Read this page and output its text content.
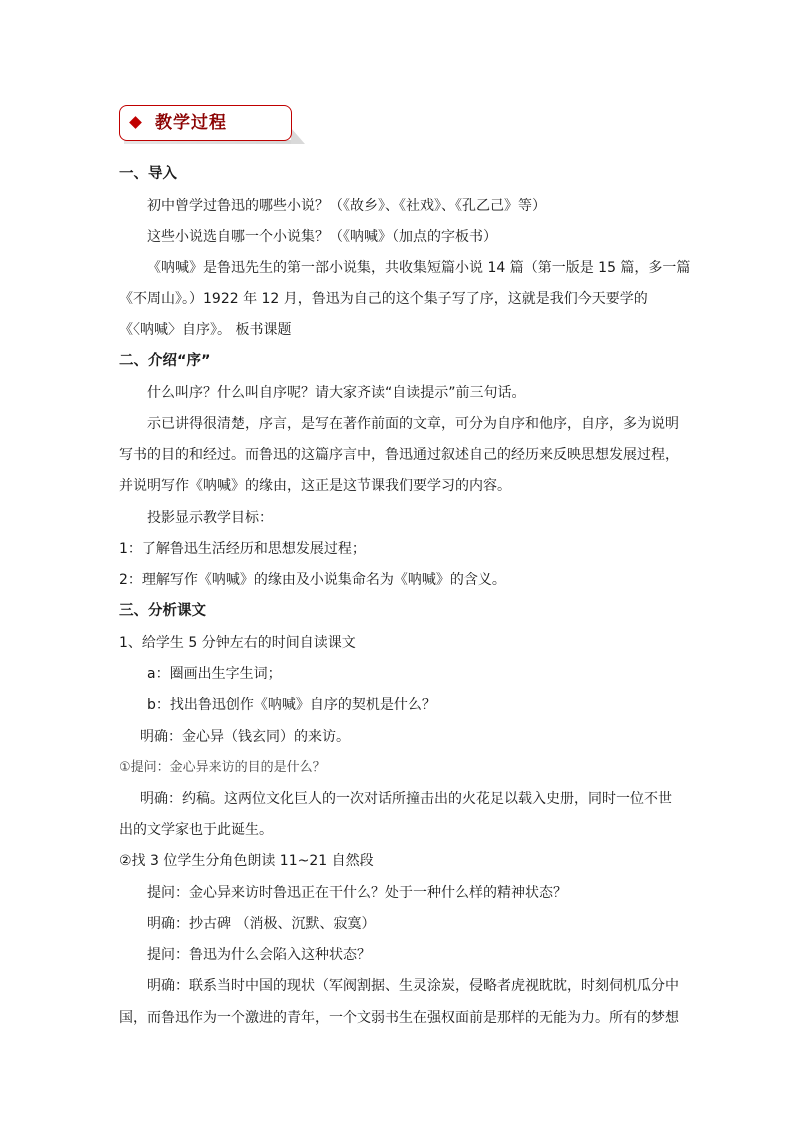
教学过程
一、导入
初中曾学过鲁迅的哪些小说？（《故乡》、《社戏》、《孔乙己》等）
这些小说选自哪一个小说集？（《呐喊》（加点的字板书）
《呐喊》是鲁迅先生的第一部小说集，共收集短篇小说 14 篇（第一版是 15 篇，多一篇
《不周山》。）1922 年 12 月，鲁迅为自己的这个集子写了序，这就是我们今天要学的
《〈呐喊〉自序》。 板书课题
二、介绍“序”
什么叫序？什么叫自序呢？请大家齐读“自读提示”前三句话。
示已讲得很清楚，序言，是写在著作前面的文章，可分为自序和他序，自序，多为说明
写书的目的和经过。而鲁迅的这篇序言中，鲁迅通过叙述自己的经历来反映思想发展过程，
并说明写作《呐喊》的缘由，这正是这节课我们要学习的内容。
投影显示教学目标：
1：了解鲁迅生活经历和思想发展过程；
2：理解写作《呐喊》的缘由及小说集命名为《呐喊》的含义。
三、分析课文
1、给学生 5 分钟左右的时间自读课文
a：圈画出生字生词；
b：找出鲁迅创作《呐喊》自序的契机是什么？
明确：金心异（钱玄同）的来访。
①提问：金心异来访的目的是什么？
明确：约稿。这两位文化巨人的一次对话所撞击出的火花足以载入史册，同时一位不世
出的文学家也于此诞生。
②找 3 位学生分角色朗读 11~21 自然段
提问：金心异来访时鲁迅正在干什么？处于一种什么样的精神状态？
明确：抄古碑 （消极、沉默、寂寞）
提问：鲁迅为什么会陷入这种状态？
明确：联系当时中国的现状（军阀割据、生灵涂炭，侵略者虎视眈眈，时刻伺机瓜分中
国，而鲁迅作为一个激进的青年，一个文弱书生在强权面前是那样的无能为力。所有的梦想
